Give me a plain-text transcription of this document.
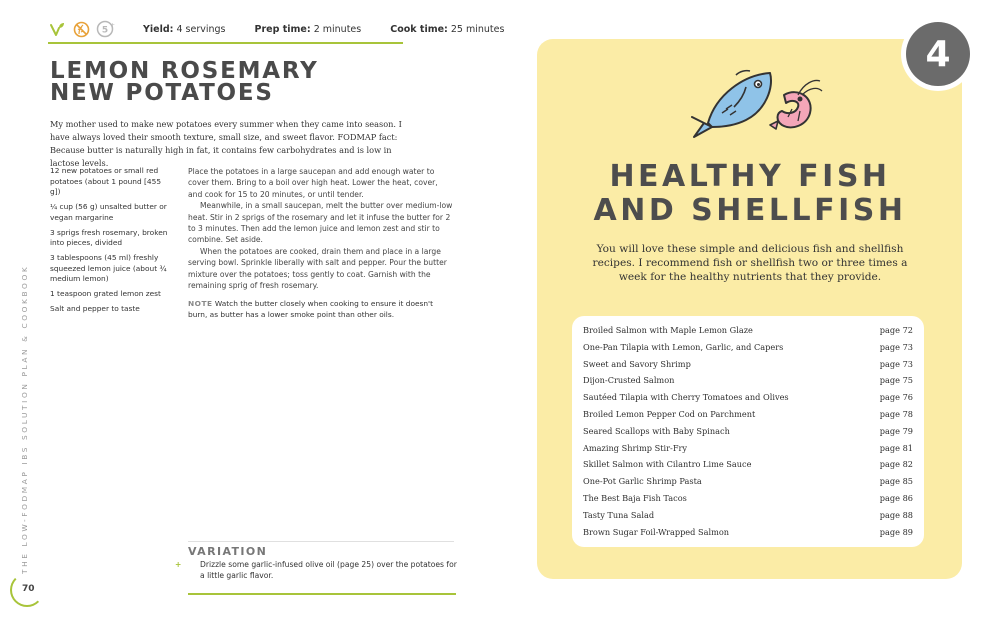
5 +	Yield: 4 servings	Prep time: 2 minutes	Cook time: 25 minutes
LEMON ROSEMARY
NEW POTATOES

My mother used to make new potatoes every summer when they came into season. I have always loved their smooth texture, small size, and sweet flavor. FODMAP fact: Because butter is naturally high in fat, it contains few carbohydrates and is low in lactose levels.

12 new potatoes or small red potatoes (about 1 pound [455 g])
¼ cup (56 g) unsalted butter or vegan margarine
3 sprigs fresh rosemary, broken into pieces, divided
3 tablespoons (45 ml) freshly squeezed lemon juice (about ¾ medium lemon)
1 teaspoon grated lemon zest
Salt and pepper to taste

Place the potatoes in a large saucepan and add enough water to cover them. Bring to a boil over high heat. Lower the heat, cover, and cook for 15 to 20 minutes, or until tender.

Meanwhile, in a small saucepan, melt the butter over medium-low heat. Stir in 2 sprigs of the rosemary and let it infuse the butter for 2 to 3 minutes. Then add the lemon juice and lemon zest and stir to combine. Set aside.

When the potatoes are cooked, drain them and place in a large serving bowl. Sprinkle liberally with salt and pepper. Pour the butter mixture over the potatoes; toss gently to coat. Garnish with the remaining sprig of fresh rosemary.

NOTE Watch the butter closely when cooking to ensure it doesn't burn, as butter has a lower smoke point than other oils.

VARIATION
+	Drizzle some garlic-infused olive oil (page 25) over the potatoes for a little garlic flavor.
THE LOW-FODMAP IBS SOLUTION PLAN & COOKBOOK
70
4
HEALTHY FISH
AND SHELLFISH

You will love these simple and delicious fish and shellfish recipes. I recommend fish or shellfish two or three times a week for the healthy nutrients that they provide.

Broiled Salmon with Maple Lemon Glaze	page 72
One-Pan Tilapia with Lemon, Garlic, and Capers	page 73
Sweet and Savory Shrimp	page 73
Dijon-Crusted Salmon	page 75
Sautéed Tilapia with Cherry Tomatoes and Olives	page 76
Broiled Lemon Pepper Cod on Parchment	page 78
Seared Scallops with Baby Spinach	page 79
Amazing Shrimp Stir-Fry	page 81
Skillet Salmon with Cilantro Lime Sauce	page 82
One-Pot Garlic Shrimp Pasta	page 85
The Best Baja Fish Tacos	page 86
Tasty Tuna Salad	page 88
Brown Sugar Foil-Wrapped Salmon	page 89
